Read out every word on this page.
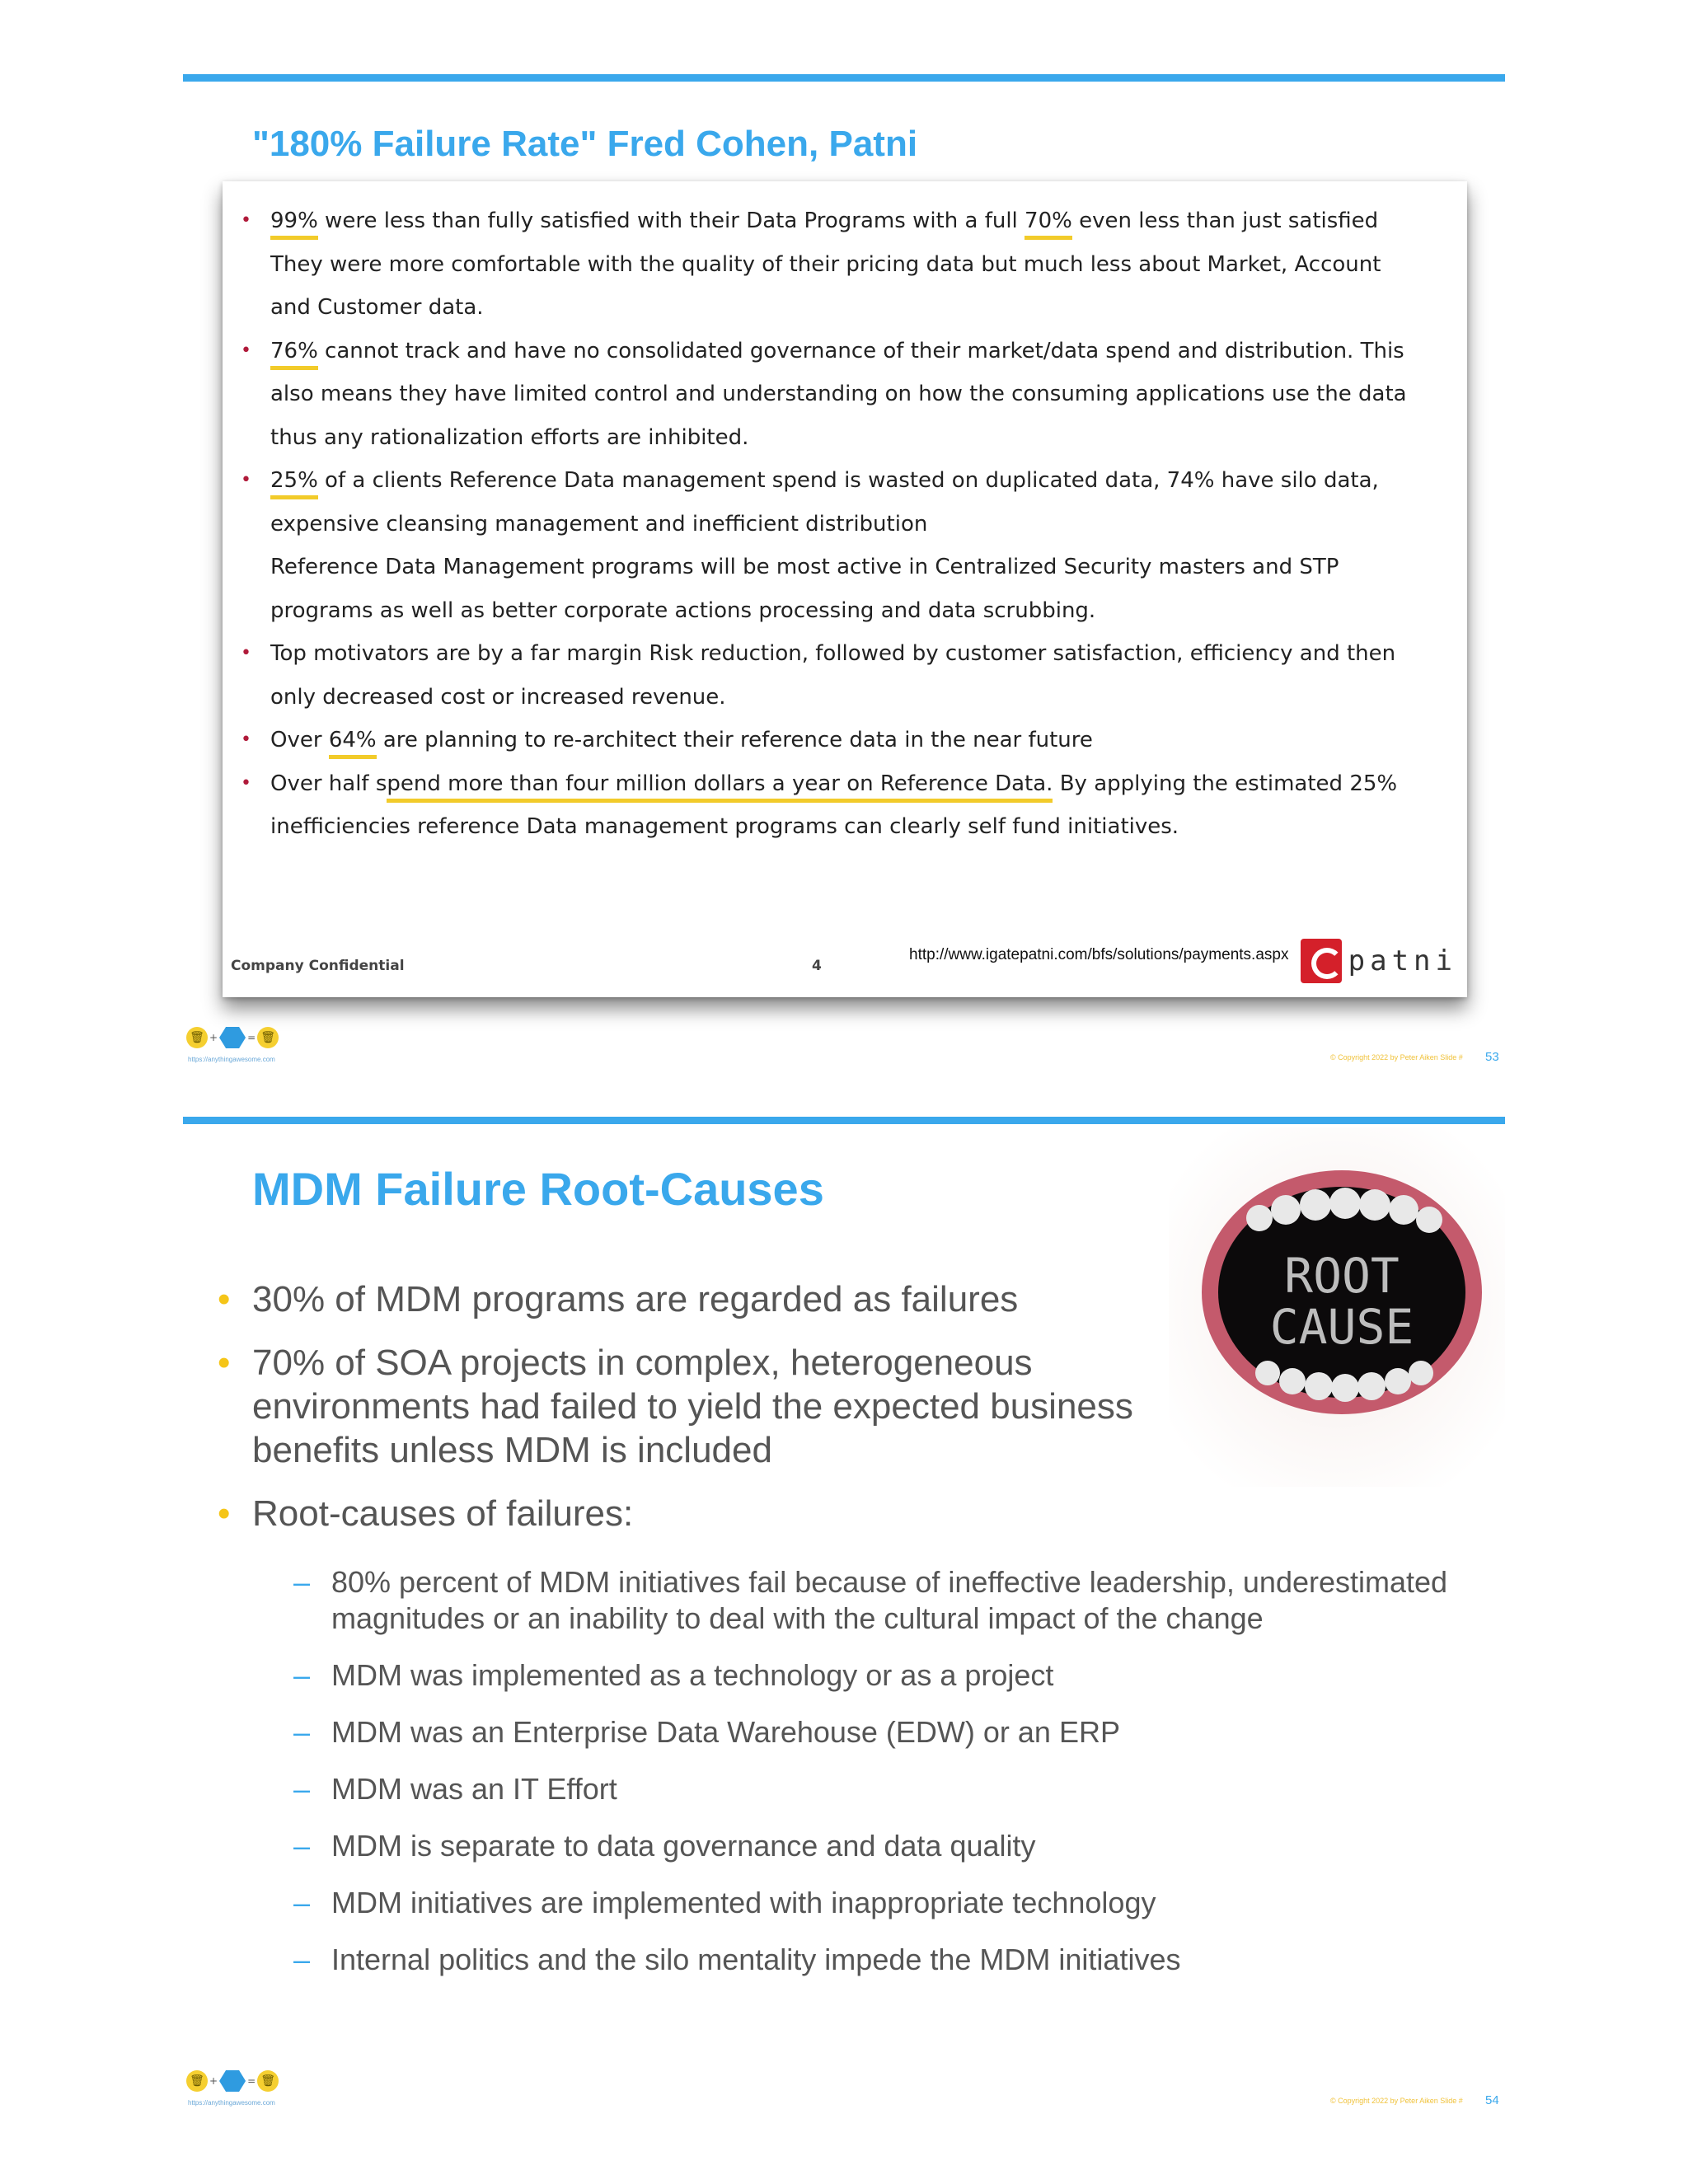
"180% Failure Rate" Fred Cohen, Patni
• 99% were less than fully satisfied with their Data Programs with a full 70% even less than just satisfied
They were more comfortable with the quality of their pricing data but much less about Market, Account and Customer data.
• 76% cannot track and have no consolidated governance of their market/data spend and distribution. This also means they have limited control and understanding on how the consuming applications use the data thus any rationalization efforts are inhibited.
• 25% of a clients Reference Data management spend is wasted on duplicated data, 74% have silo data, expensive cleansing management and inefficient distribution
Reference Data Management programs will be most active in Centralized Security masters and STP programs as well as better corporate actions processing and data scrubbing.
• Top motivators are by a far margin Risk reduction, followed by customer satisfaction, efficiency and then only decreased cost or increased revenue.
• Over 64% are planning to re-architect their reference data in the near future
• Over half spend more than four million dollars a year on Reference Data. By applying the estimated 25% inefficiencies reference Data management programs can clearly self fund initiatives.
Company Confidential	4
http://www.igatepatni.com/bfs/solutions/payments.aspx patni
🗑 +	= 🗑
https://anythingawesome.com	© Copyright 2022 by Peter Aiken Slide # 53
MDM Failure Root-Causes
ROOT
CAUSE
• 30% of MDM programs are regarded as failures
• 70% of SOA projects in complex, heterogeneous environments had failed to yield the expected business benefits unless MDM is included
• Root-causes of failures:
– 80% percent of MDM initiatives fail because of ineffective leadership, underestimated magnitudes or an inability to deal with the cultural impact of the change
– MDM was implemented as a technology or as a project
– MDM was an Enterprise Data Warehouse (EDW) or an ERP
– MDM was an IT Effort
– MDM is separate to data governance and data quality
– MDM initiatives are implemented with inappropriate technology
– Internal politics and the silo mentality impede the MDM initiatives
🗑 +	= 🗑
https://anythingawesome.com	© Copyright 2022 by Peter Aiken Slide # 54
